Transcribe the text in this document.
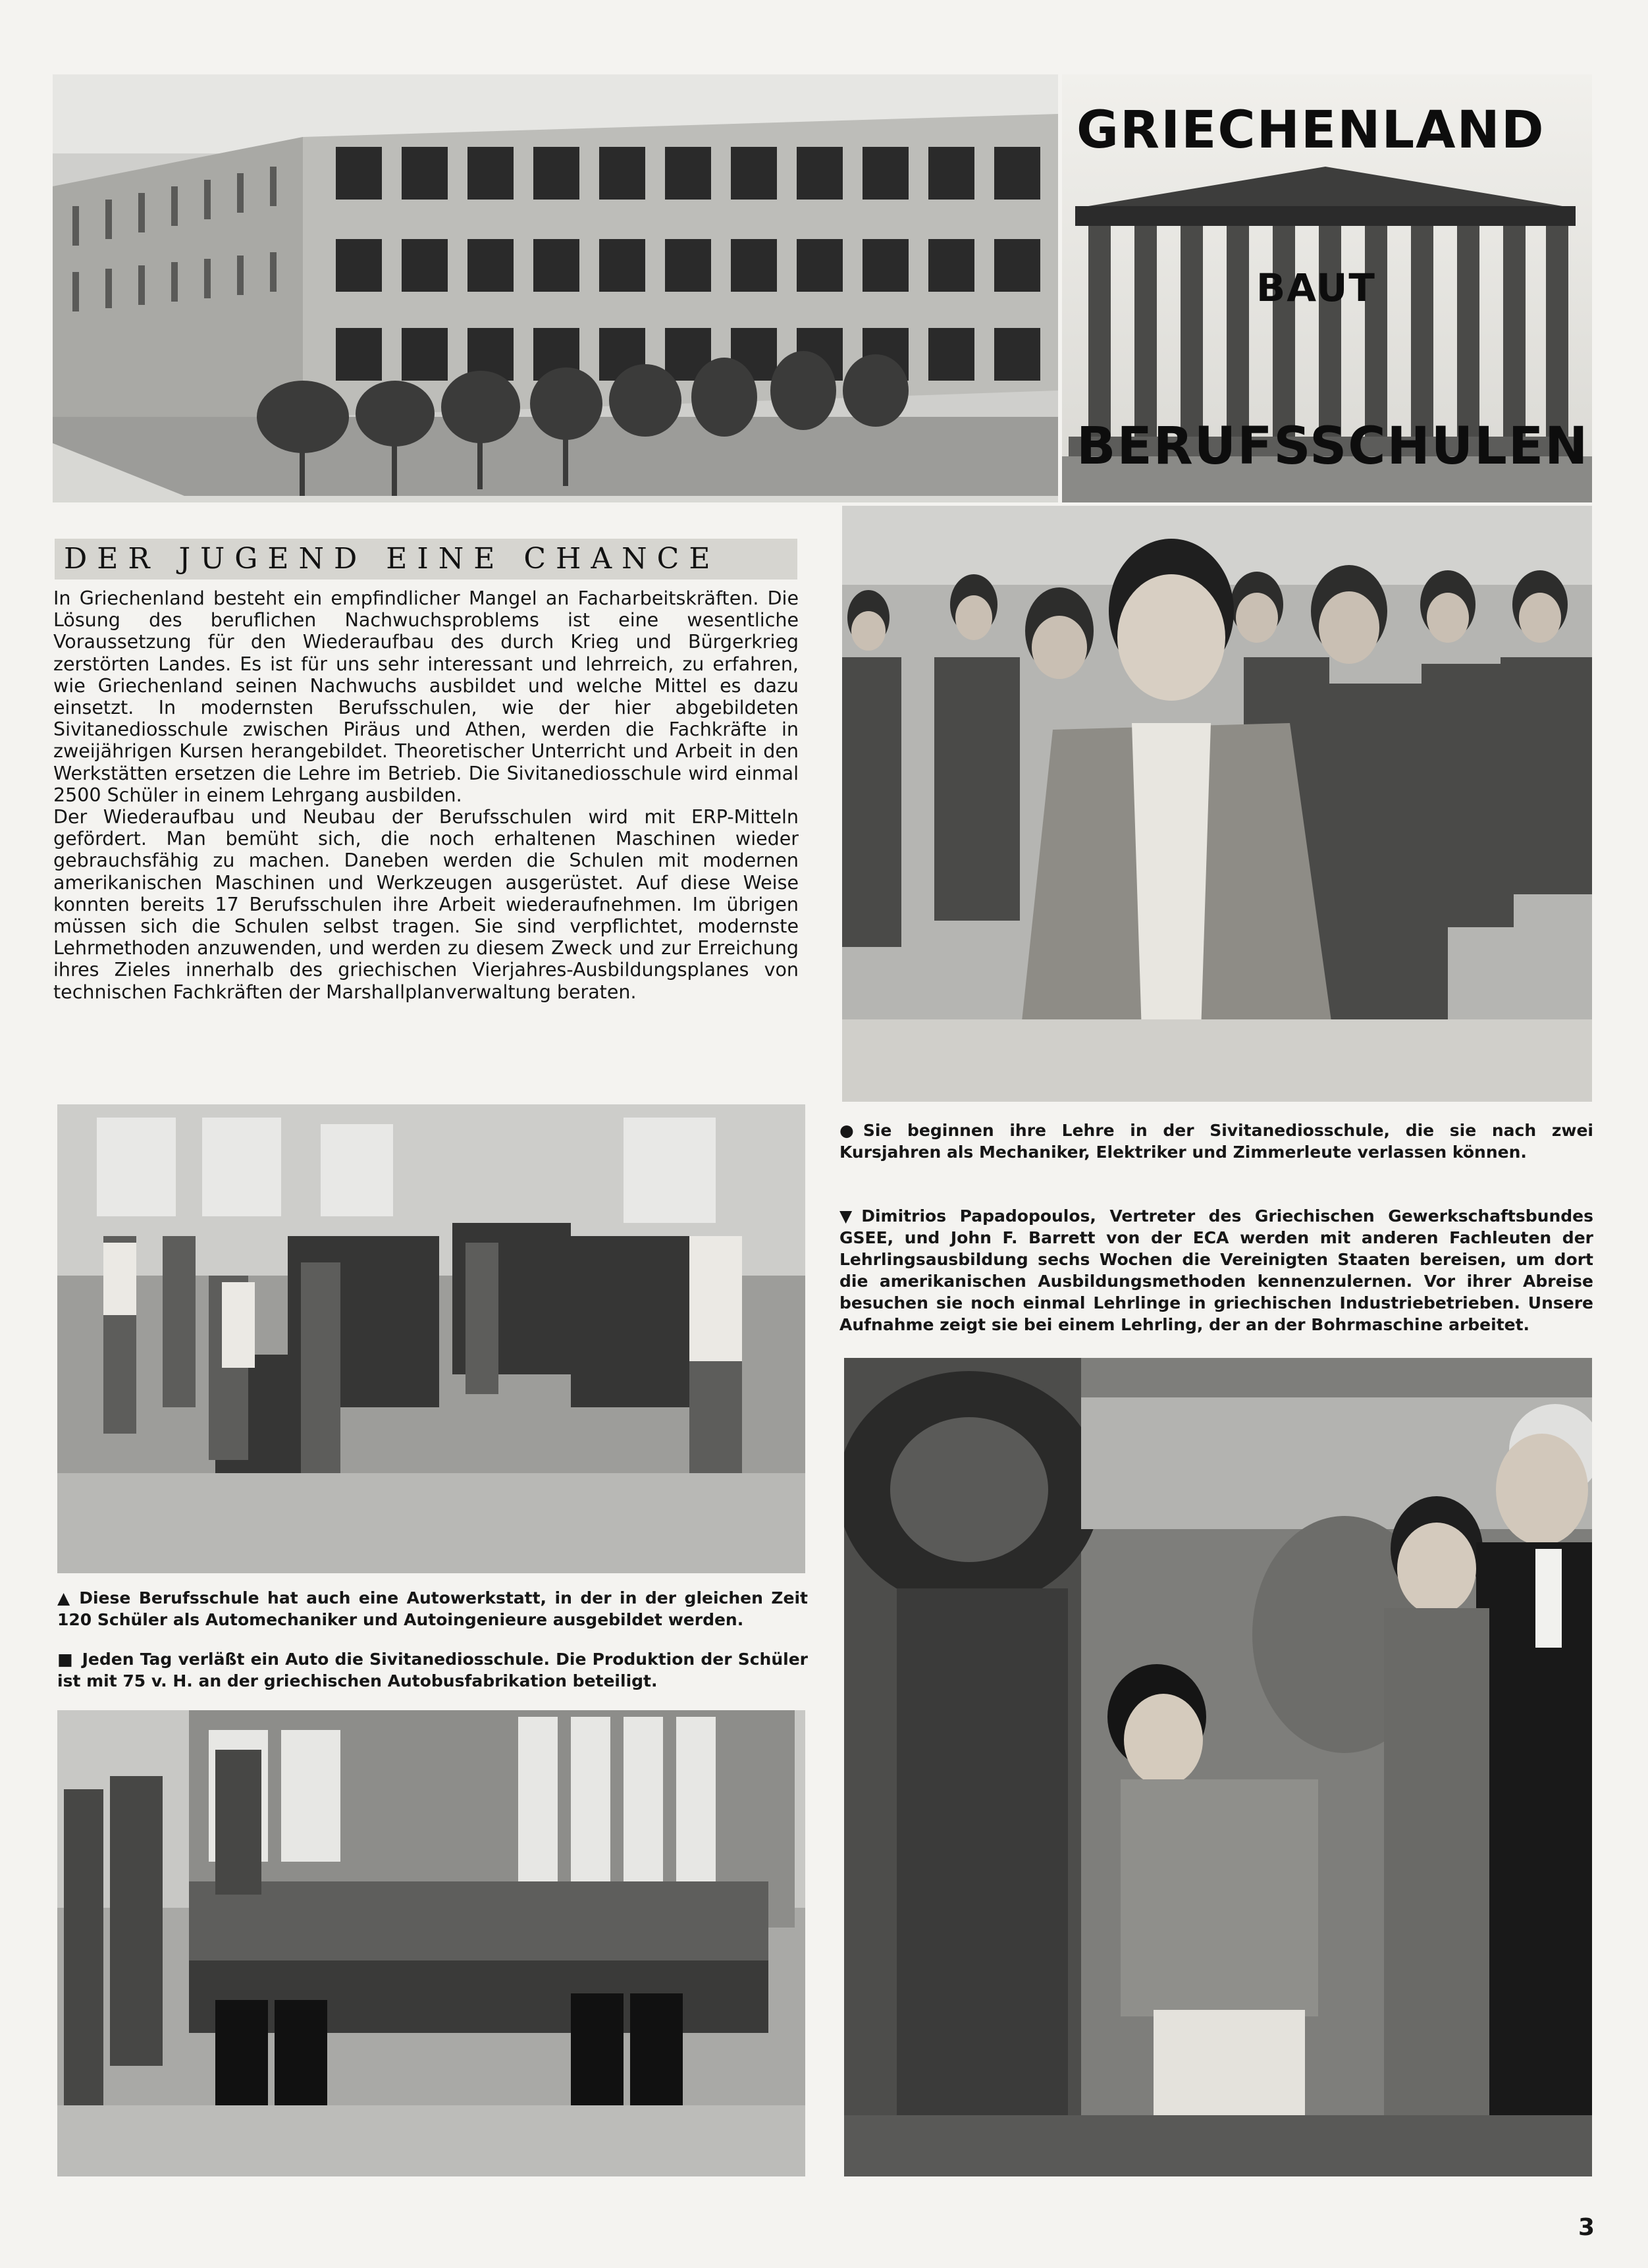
GRIECHENLAND
BAUT
BERUFSSCHULEN
DER JUGEND EINE CHANCE

In Griechenland besteht ein empfindlicher Mangel an Facharbeitskräften. Die Lösung des beruflichen Nachwuchsproblems ist eine wesentliche Voraussetzung für den Wiederaufbau des durch Krieg und Bürgerkrieg zerstörten Landes. Es ist für uns sehr interessant und lehrreich, zu erfahren, wie Griechenland seinen Nachwuchs ausbildet und welche Mittel es dazu einsetzt. In modernsten Berufsschulen, wie der hier abgebildeten Sivitanediosschule zwischen Piräus und Athen, werden die Fachkräfte in zweijährigen Kursen herangebildet. Theoretischer Unterricht und Arbeit in den Werkstätten ersetzen die Lehre im Betrieb. Die Sivitanediosschule wird einmal 2500 Schüler in einem Lehrgang ausbilden.

Der Wiederaufbau und Neubau der Berufsschulen wird mit ERP-Mitteln gefördert. Man bemüht sich, die noch erhaltenen Maschinen wieder gebrauchsfähig zu machen. Daneben werden die Schulen mit modernen amerikanischen Maschinen und Werkzeugen ausgerüstet. Auf diese Weise konnten bereits 17 Berufsschulen ihre Arbeit wiederaufnehmen. Im übrigen müssen sich die Schulen selbst tragen. Sie sind verpflichtet, modernste Lehrmethoden anzuwenden, und werden zu diesem Zweck und zur Erreichung ihres Zieles innerhalb des griechischen Vierjahres-Ausbildungsplanes von technischen Fachkräften der Marshallplanverwaltung beraten.

● Sie beginnen ihre Lehre in der Sivitanediosschule, die sie nach zwei Kursjahren als Mechaniker, Elektriker und Zimmerleute verlassen können.
▼ Dimitrios Papadopoulos, Vertreter des Griechischen Gewerkschaftsbundes GSEE, und John F. Barrett von der ECA werden mit anderen Fachleuten der Lehrlingsausbildung sechs Wochen die Vereinigten Staaten bereisen, um dort die amerikanischen Ausbildungsmethoden kennenzulernen. Vor ihrer Abreise besuchen sie noch einmal Lehrlinge in griechischen Industriebetrieben. Unsere Aufnahme zeigt sie bei einem Lehrling, der an der Bohrmaschine arbeitet.
▲ Diese Berufsschule hat auch eine Autowerkstatt, in der in der gleichen Zeit 120 Schüler als Automechaniker und Autoingenieure ausgebildet werden.
■ Jeden Tag verläßt ein Auto die Sivitanediosschule. Die Produktion der Schüler ist mit 75 v. H. an der griechischen Autobusfabrikation beteiligt.
3
